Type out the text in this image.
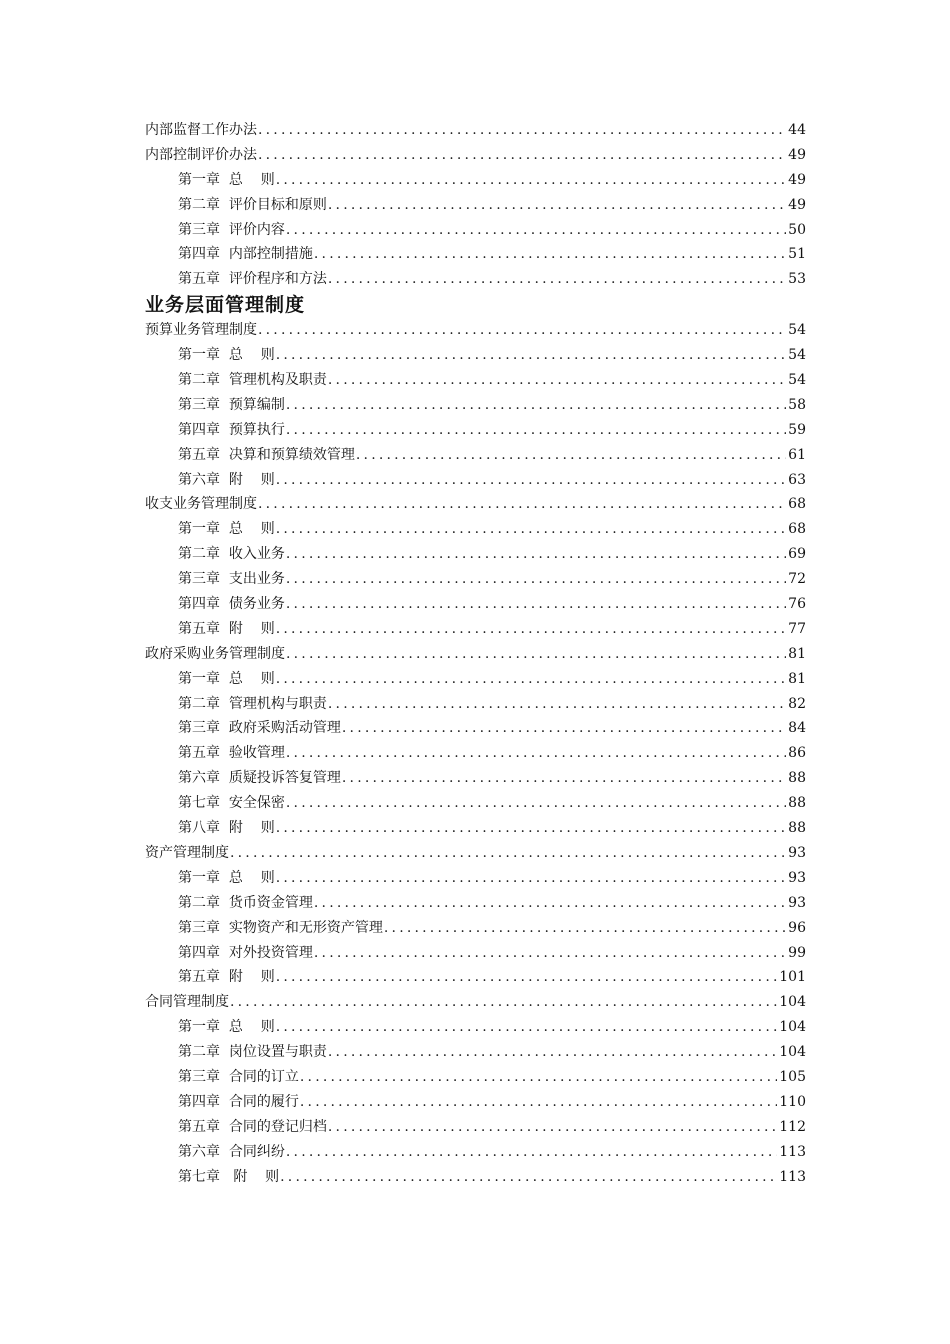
内部监督工作办法 .....	44
内部控制评价办法 .....	49
第一章  总    则 .....	49
第二章  评价目标和原则 .....	49
第三章  评价内容 .....	50
第四章  内部控制措施 .....	51
第五章  评价程序和方法 .....	53
业务层面管理制度
预算业务管理制度 .....	54
第一章  总    则 .....	54
第二章  管理机构及职责 .....	54
第三章  预算编制 .....	58
第四章  预算执行 .....	59
第五章  决算和预算绩效管理 .....	61
第六章  附    则 .....	63
收支业务管理制度 .....	68
第一章  总    则 .....	68
第二章  收入业务 .....	69
第三章  支出业务 .....	72
第四章  债务业务 .....	76
第五章  附    则 .....	77
政府采购业务管理制度 .....	81
第一章  总    则 .....	81
第二章  管理机构与职责 .....	82
第三章  政府采购活动管理 .....	84
第五章  验收管理 .....	86
第六章  质疑投诉答复管理 .....	88
第七章  安全保密 .....	88
第八章  附    则 .....	88
资产管理制度 .....	93
第一章  总    则 .....	93
第二章  货币资金管理 .....	93
第三章  实物资产和无形资产管理 .....	96
第四章  对外投资管理 .....	99
第五章  附    则 .....	101
合同管理制度 .....	104
第一章  总    则 .....	104
第二章  岗位设置与职责 .....	104
第三章  合同的订立 .....	105
第四章  合同的履行 .....	110
第五章  合同的登记归档 .....	112
第六章  合同纠纷 .....	113
第七章   附    则 .....	113
